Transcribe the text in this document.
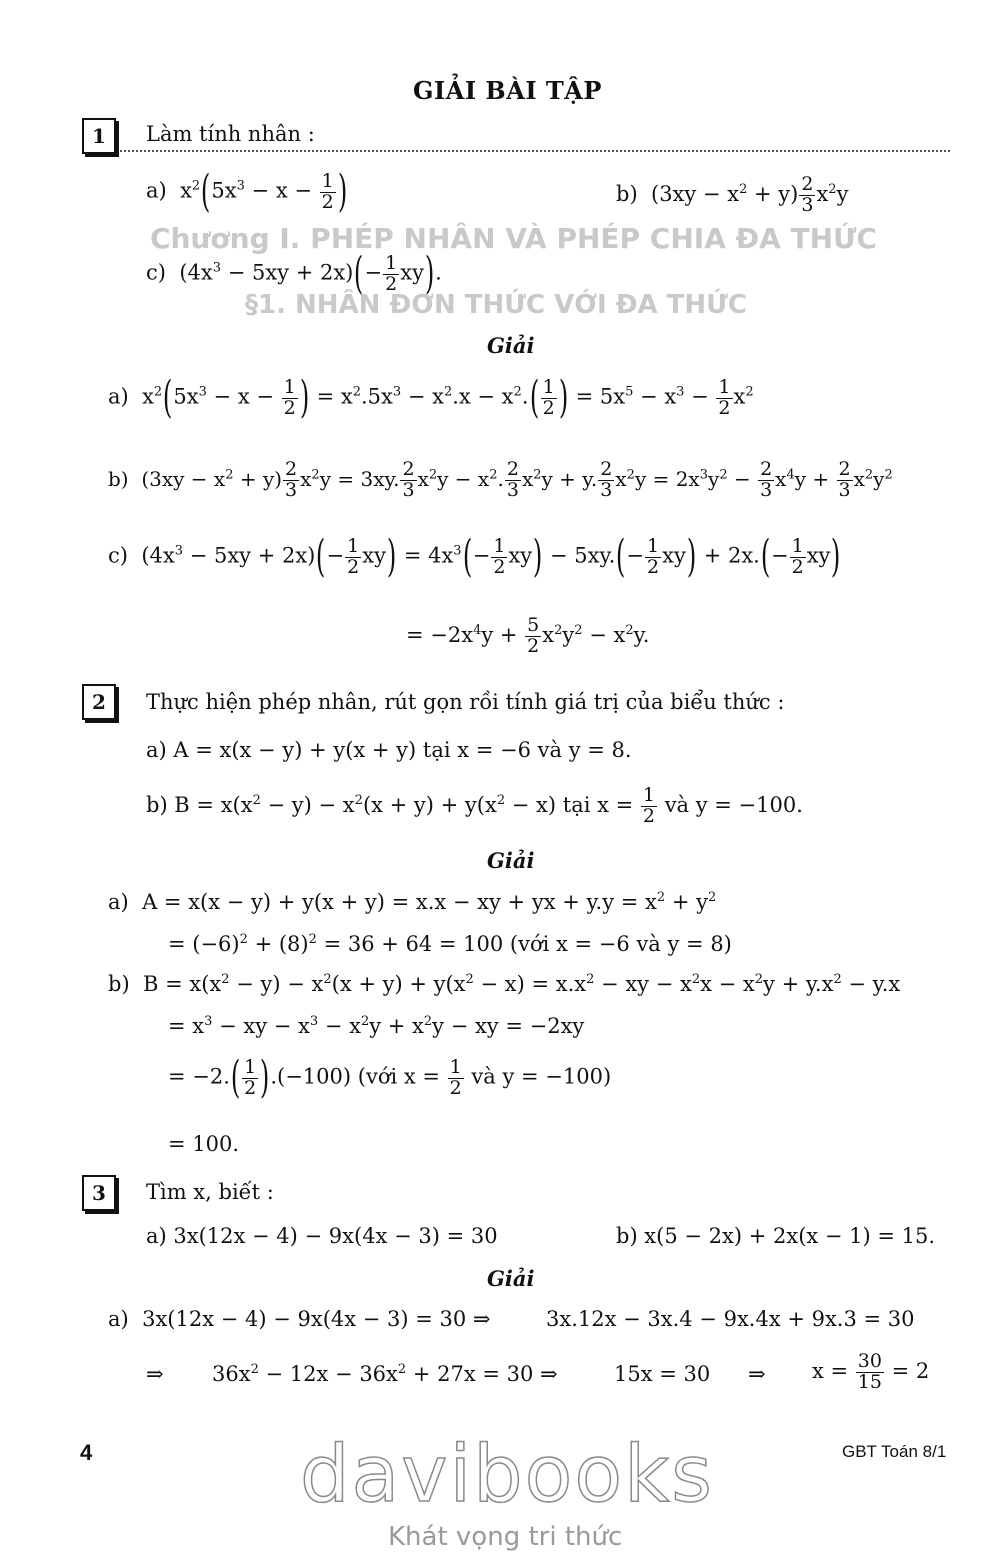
Chương I. PHÉP NHÂN VÀ PHÉP CHIA ĐA THỨC
§1. NHÂN ĐƠN THỨC VỚI ĐA THỨC
GIẢI BÀI TẬP
1	Làm tính nhân :
a) $x^2(5x^3 - x - \frac{1}{2}$ )	b) $(3xy - x^2 + y) \frac{2}{3} x^2y$
c) $(4x^3 - 5xy + 2x)(- \frac{1}{2} xy)$.
Giải
a) $x^2(5x^3 - x - \frac{1}{2}$ ) = $x^2.5x^3 - x^2.x - x^2.( \frac{1}{2}$ ) = $5x^5 - x^3 - \frac{1}{2} x^2$
b) $(3xy - x^2 + y) \frac{2}{3} x^2y = 3xy$. $\frac{2}{3} x^2y - x^2$. $\frac{2}{3} x^2y + y$. $\frac{2}{3} x^2y = 2x^3y^2 - \frac{2}{3} x^4y + \frac{2}{3} x^2y^2$
c) $(4x^3 - 5xy + 2x)(- \frac{1}{2} xy) = 4x^3(- \frac{1}{2} xy) - 5xy.(- \frac{1}{2} xy) + 2x.(- \frac{1}{2} xy)$
= $-2x^4y + \frac{5}{2} x^2y^2 - x^2y$.
2	Thực hiện phép nhân, rút gọn rồi tính giá trị của biểu thức :
a) A = x(x − y) + y(x + y) tại x = −6 và y = 8.
b) $B = x(x^2 - y) - x^2(x + y) + y(x^2 - x)$ tại $x = \frac{1}{2}$ và y = −100.
Giải
a) A = x(x − y) + y(x + y) = x.x − xy + yx + $y.y = x^2 + y^2$
= $(-6)^2 + (8)^2 = 36 + 64 = 100$ (với x = −6 và y = 8)
b) $B = x(x^2 - y) - x^2(x + y) + y(x^2 - x) = x.x^2$ − xy − $x^2x - x^2y + y.x^2 - y.x$
= $x^3$ − xy − $x^3 - x^2y + x^2y$ − xy = −2xy
= $-2.( \frac{1}{2} ).(-100)$ (với $x = \frac{1}{2}$ và y = −100)
= 100.
3	Tìm x, biết :
a) 3x(12x − 4) − 9x(4x − 3) = 30	b) x(5 − 2x) + 2x(x − 1) = 15.
Giải
a) 3x(12x − 4) − 9x(4x − 3) = 30 ⇒	3x.12x − 3x.4 − 9x.4x + 9x.3 = 30
⇒ $36x^2 - 12x - 36x^2 + 27x = 30$ ⇒	15x = 30 ⇒ $x = \frac{30}{15} = 2$
4	GBT Toán 8/1
davibooks
Khát vọng tri thức
